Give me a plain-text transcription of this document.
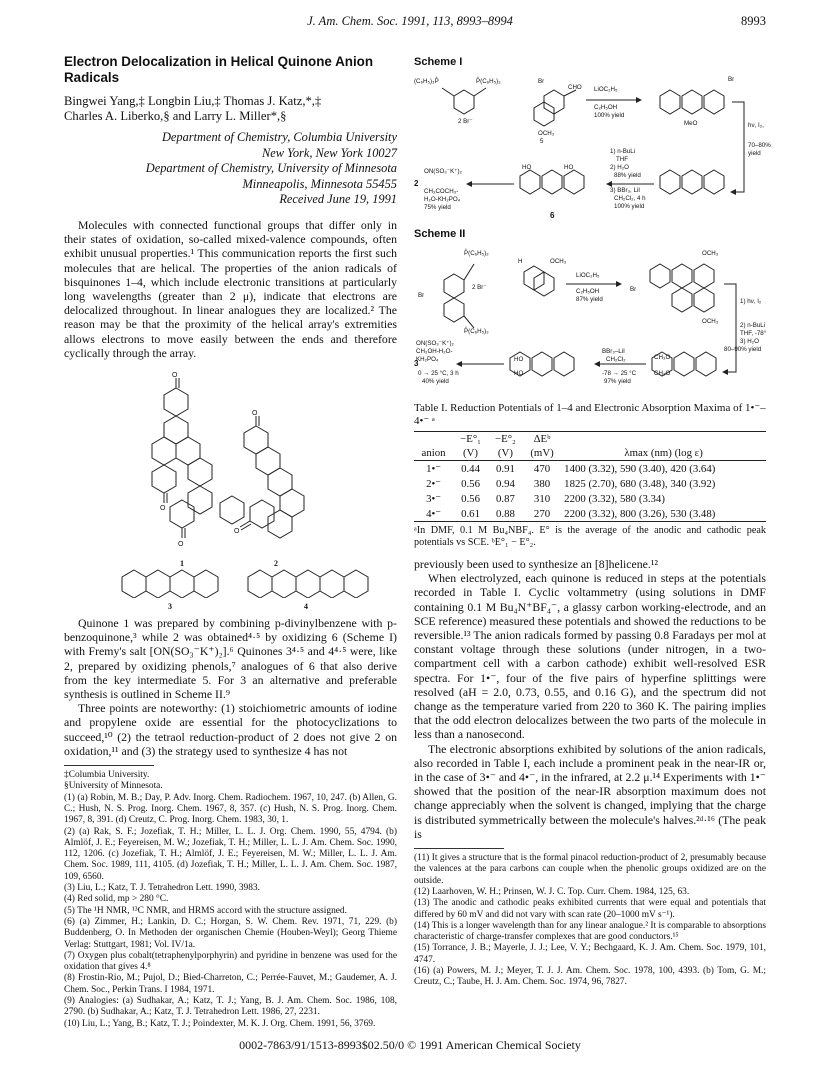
J. Am. Chem. Soc. 1991, 113, 8993–8994	8993
Electron Delocalization in Helical Quinone Anion Radicals
Bingwei Yang,‡ Longbin Liu,‡ Thomas J. Katz,*,‡
Charles A. Liberko,§ and Larry L. Miller*,§

Department of Chemistry, Columbia University

New York, New York 10027

Department of Chemistry, University of Minnesota

Minneapolis, Minnesota 55455

Received June 19, 1991

Molecules with connected functional groups that differ only in their states of oxidation, so-called mixed-valence compounds, often exhibit unusual properties.¹ This communication reports the first such molecules that are helical. The properties of the anion radicals of bisquinones 1–4, which include electronic transitions at particularly long wavelengths (greater than 2 μ), indicate that electrons are delocalized throughout. In linear analogues they are localized.² The reason may be that the proximity of the helical array's extremities allows electrons to move easily between the ends and therefore cyclically through the array.

O
O
O
1
O
O
2
3	4

Quinone 1 was prepared by combining p-divinylbenzene with p-benzoquinone,³ while 2 was obtained⁴·⁵ by oxidizing 6 (Scheme I) with Fremy's salt [ON(SO₃⁻K⁺)₂].⁶ Quinones 3⁴·⁵ and 4⁴·⁵ were, like 2, prepared by oxidizing phenols,⁷ analogues of 6 that also derive from the key intermediate 5. For 3 an alternative and preferable synthesis is outlined in Scheme II.⁹

Three points are noteworthy: (1) stoichiometric amounts of iodine and propylene oxide are essential for the photocyclizations to succeed,¹⁰ (2) the tetraol reduction-product of 2 does not give 2 on oxidation,¹¹ and (3) the strategy used to synthesize 4 has not

‡Columbia University.

§University of Minnesota.

(1) (a) Robin, M. B.; Day, P. Adv. Inorg. Chem. Radiochem. 1967, 10, 247. (b) Allen, G. C.; Hush, N. S. Prog. Inorg. Chem. 1967, 8, 357. (c) Hush, N. S. Prog. Inorg. Chem. 1967, 8, 391. (d) Creutz, C. Prog. Inorg. Chem. 1983, 30, 1.

(2) (a) Rak, S. F.; Jozefiak, T. H.; Miller, L. L. J. Org. Chem. 1990, 55, 4794. (b) Almlöf, J. E.; Feyereisen, M. W.; Jozefiak, T. H.; Miller, L. L. J. Am. Chem. Soc. 1990, 112, 1206. (c) Jozefiak, T. H.; Almlöf, J. E.; Feyereisen, M. W.; Miller, L. L. J. Am. Chem. Soc. 1989, 111, 4105. (d) Jozefiak, T. H.; Miller, L. L. J. Am. Chem. Soc. 1987, 109, 6560.

(3) Liu, L.; Katz, T. J. Tetrahedron Lett. 1990, 3983.

(4) Red solid, mp > 280 °C.

(5) The ¹H NMR, ¹³C NMR, and HRMS accord with the structure assigned.

(6) (a) Zimmer, H.; Lankin, D. C.; Horgan, S. W. Chem. Rev. 1971, 71, 229. (b) Buddenberg, O. In Methoden der organischen Chemie (Houben-Weyl); Georg Thieme Verlag: Stuttgart, 1981; Vol. IV/1a.

(7) Oxygen plus cobalt(tetraphenylporphyrin) and pyridine in benzene was used for the oxidation that gives 4.⁸

(8) Frostin-Rio, M.; Pujol, D.; Bied-Charreton, C.; Perrée-Fauvet, M.; Gaudemer, A. J. Chem. Soc., Perkin Trans. I 1984, 1971.

(9) Analogies: (a) Sudhakar, A.; Katz, T. J.; Yang, B. J. Am. Chem. Soc. 1986, 108, 2790. (b) Sudhakar, A.; Katz, T. J. Tetrahedron Lett. 1986, 27, 2231.

(10) Liu, L.; Yang, B.; Katz, T. J.; Poindexter, M. K. J. Org. Chem. 1991, 56, 3769.

Scheme I
(C₆H₅)₃P̊	P̊(C₆H₅)₃
2 Br⁻
Br
CHO
OCH₃
5
LiOC₂H₅
C₂H₅OH
100% yield
Br
hν, I₂,
70–80%
yield
MeO
1) n-BuLi
THF
2) H₂O
88% yield
3) BBr₃, LiI
CH₂Cl₂, 4 h
100% yield
ON(SO₃⁻K⁺)₂
CH₃COCH₃-
H₂O-KH₂PO₄
75% yield
2
6
HO	HO
Scheme II
P̊(C₆H₅)₃
P̊(C₆H₅)₃
2 Br⁻
H
Br
OCH₃
OCH₃
OCH₃
Br
LiOC₂H₅
C₂H₅OH
87% yield	1) hν, I₂
2) n-BuLi
THF, -78°
3) H₂O
80–90% yield
ON(SO₃⁻K⁺)₂
CH₃OH-H₂O-
KH₂PO₄
0 → 25 °C, 3 h
40% yield
BBr₃–LiI
CH₂Cl₂
-78 → 25 °C
97% yield
3	HO
HO
CH₃O
CH₃O
Table I. Reduction Potentials of 1–4 and Electronic Absorption Maxima of 1•⁻–4•⁻ ᵃ
	−E°₁	−E°₂	ΔEᵇ	
anion	(V)	(V)	(mV)	λmax (nm) (log ε)
1•⁻	0.44	0.91	470	1400 (3.32), 590 (3.40), 420 (3.64)
2•⁻	0.56	0.94	380	1825 (2.70), 680 (3.48), 340 (3.92)
3•⁻	0.56	0.87	310	2200 (3.32), 580 (3.34)
4•⁻	0.61	0.88	270	2200 (3.32), 800 (3.26), 530 (3.48)

ᵃIn DMF, 0.1 M Bu₄NBF₄. E° is the average of the anodic and cathodic peak potentials vs SCE. ᵇE°₁ − E°₂.

previously been used to synthesize an [8]helicene.¹²

When electrolyzed, each quinone is reduced in steps at the potentials recorded in Table I. Cyclic voltammetry (using solutions in DMF containing 0.1 M Bu₄N⁺BF₄⁻, a glassy carbon working-electrode, and an SCE reference) measured these potentials and showed the reductions to be reversible.¹³ The anion radicals formed by passing 0.8 Faradays per mol at constant voltage through these solutions (under nitrogen, in a two-compartment cell with a carbon cathode) exhibit well-resolved ESR spectra. For 1•⁻, four of the five pairs of hyperfine splittings were resolved (aH = 2.0, 0.73, 0.55, and 0.16 G), and the spectrum did not change as the temperature varied from 220 to 360 K. The pairing implies that the odd electron delocalizes between the two parts of the molecule in less than a nanosecond.

The electronic absorptions exhibited by solutions of the anion radicals, also recorded in Table I, each include a prominent peak in the near-IR or, in the case of 3•⁻ and 4•⁻, in the infrared, at 2.2 μ.¹⁴ Experiments with 1•⁻ showed that the position of the near-IR absorption maximum does not change appreciably when the solvent is changed, implying that the charge is distributed symmetrically between the molecule's halves.²ᵈ·¹⁶ (The peak is

(11) It gives a structure that is the formal pinacol reduction-product of 2, presumably because the valences at the para carbons can couple when the phenolic groups oxidized are on the outside.

(12) Laarhoven, W. H.; Prinsen, W. J. C. Top. Curr. Chem. 1984, 125, 63.

(13) The anodic and cathodic peaks exhibited currents that were equal and potentials that differed by 60 mV and did not vary with scan rate (20–1000 mV s⁻¹).

(14) This is a longer wavelength than for any linear analogue.² It is comparable to absorptions characteristic of charge-transfer complexes that are good conductors.¹⁵

(15) Torrance, J. B.; Mayerle, J. J.; Lee, V. Y.; Bechgaard, K. J. Am. Chem. Soc. 1979, 101, 4747.

(16) (a) Powers, M. J.; Meyer, T. J. J. Am. Chem. Soc. 1978, 100, 4393. (b) Tom, G. M.; Creutz, C.; Taube, H. J. Am. Chem. Soc. 1974, 96, 7827.

0002-7863/91/1513-8993$02.50/0 © 1991 American Chemical Society
